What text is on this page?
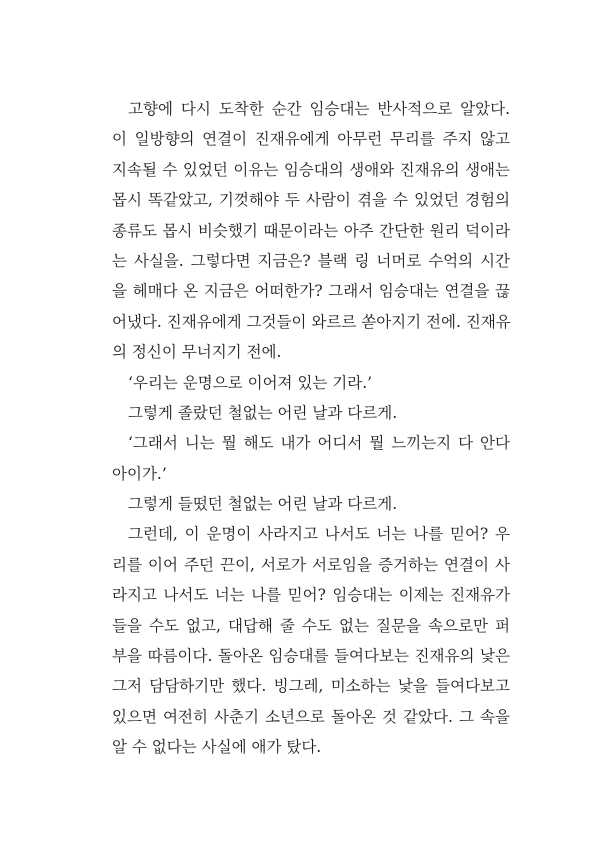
고향에 다시 도착한 순간 임승대는 반사적으로 알았다.
이 일방향의 연결이 진재유에게 아무런 무리를 주지 않고
지속될 수 있었던 이유는 임승대의 생애와 진재유의 생애는
몹시 똑같았고, 기껏해야 두 사람이 겪을 수 있었던 경험의
종류도 몹시 비슷했기 때문이라는 아주 간단한 원리 덕이라
는 사실을. 그렇다면 지금은? 블랙 링 너머로 수억의 시간
을 헤매다 온 지금은 어떠한가? 그래서 임승대는 연결을 끊
어냈다. 진재유에게 그것들이 와르르 쏟아지기 전에. 진재유
의 정신이 무너지기 전에.
‘우리는 운명으로 이어져 있는 기라.’
그렇게 졸랐던 철없는 어린 날과 다르게.
‘그래서 니는 뭘 해도 내가 어디서 뭘 느끼는지 다 안다
아이가.’
그렇게 들떴던 철없는 어린 날과 다르게.
그런데, 이 운명이 사라지고 나서도 너는 나를 믿어? 우
리를 이어 주던 끈이, 서로가 서로임을 증거하는 연결이 사
라지고 나서도 너는 나를 믿어? 임승대는 이제는 진재유가
들을 수도 없고, 대답해 줄 수도 없는 질문을 속으로만 퍼
부을 따름이다. 돌아온 임승대를 들여다보는 진재유의 낯은
그저 담담하기만 했다. 빙그레, 미소하는 낯을 들여다보고
있으면 여전히 사춘기 소년으로 돌아온 것 같았다. 그 속을
알 수 없다는 사실에 애가 탔다.
